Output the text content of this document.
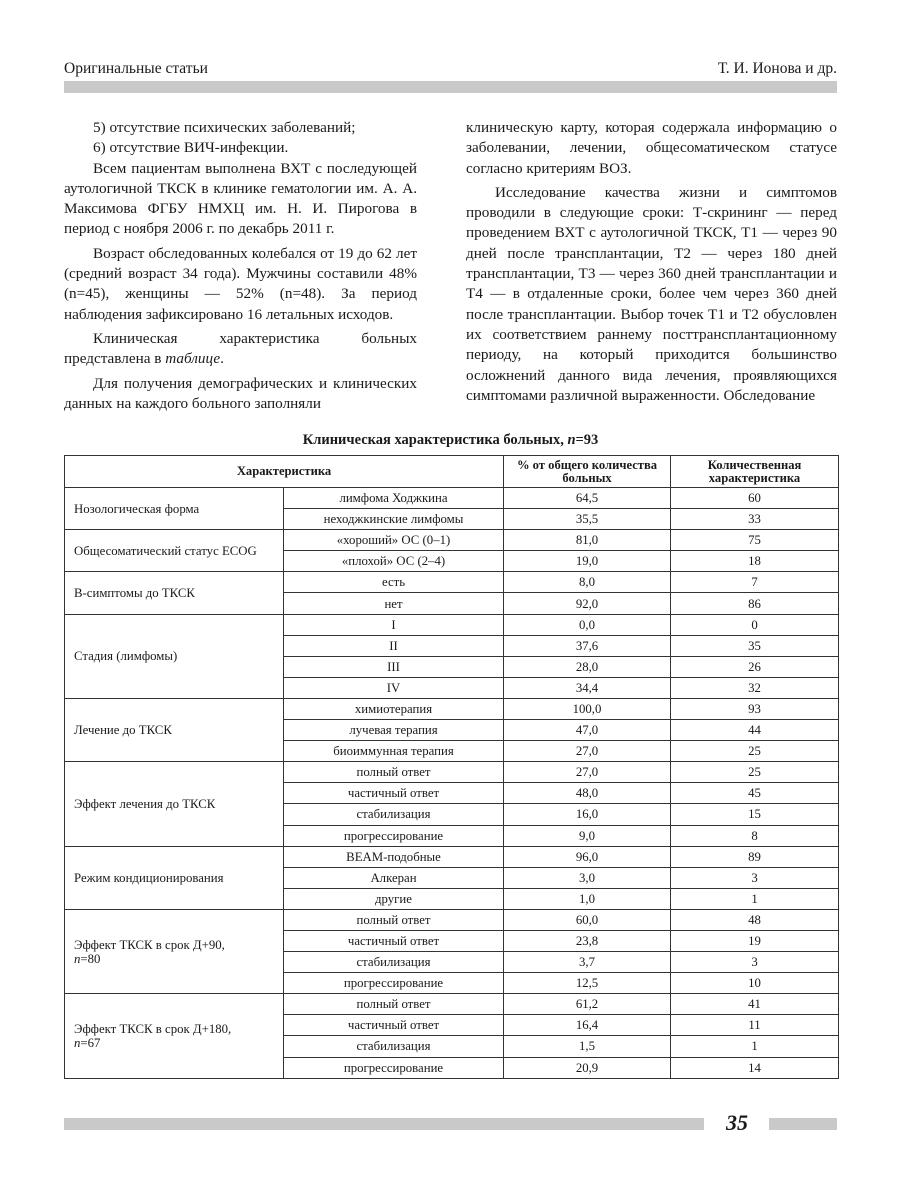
Оригинальные статьи	Т. И. Ионова и др.

5) отсутствие психических заболеваний;

6) отсутствие ВИЧ-инфекции.

Всем пациентам выполнена ВХТ с последующей аутологичной ТКСК в клинике гематологии им. А. А. Максимова ФГБУ НМХЦ им. Н. И. Пирогова в период с ноября 2006 г. по декабрь 2011 г.

Возраст обследованных колебался от 19 до 62 лет (средний возраст 34 года). Мужчины составили 48% (n=45), женщины — 52% (n=48). За период наблюдения зафиксировано 16 летальных исходов.

Клиническая характеристика больных представлена в таблице.

Для получения демографических и клинических данных на каждого больного заполняли

клиническую карту, которая содержала информацию о заболевании, лечении, общесоматическом статусе согласно критериям ВОЗ.

Исследование качества жизни и симптомов проводили в следующие сроки: Т-скрининг — перед проведением ВХТ с аутологичной ТКСК, Т1 — через 90 дней после трансплантации, Т2 — через 180 дней трансплантации, Т3 — через 360 дней трансплантации и Т4 — в отдаленные сроки, более чем через 360 дней после трансплантации. Выбор точек Т1 и Т2 обусловлен их соответствием раннему посттрансплантационному периоду, на который приходится большинство осложнений данного вида лечения, проявляющихся симптомами различной выраженности. Обследование

Клиническая характеристика больных, n=93
Характеристика		% от общего количества больных	Количественная характеристика
Нозологическая форма	лимфома Ходжкина	64,5	60
	неходжкинские лимфомы	35,5	33
Общесоматический статус ECOG	«хороший» ОС (0–1)	81,0	75
	«плохой» ОС (2–4)	19,0	18
В-симптомы до ТКСК	есть	8,0	7
	нет	92,0	86
Стадия (лимфомы)	I	0,0	0
	II	37,6	35
	III	28,0	26
	IV	34,4	32
Лечение до ТКСК	химиотерапия	100,0	93
	лучевая терапия	47,0	44
	биоиммунная терапия	27,0	25
Эффект лечения до ТКСК	полный ответ	27,0	25
	частичный ответ	48,0	45
	стабилизация	16,0	15
	прогрессирование	9,0	8
Режим кондиционирования	BEAM-подобные	96,0	89
	Алкеран	3,0	3
	другие	1,0	1
Эффект ТКСК в срок Д+90,
n=80	полный ответ	60,0	48
	частичный ответ	23,8	19
	стабилизация	3,7	3
	прогрессирование	12,5	10
Эффект ТКСК в срок Д+180,
n=67	полный ответ	61,2	41
	частичный ответ	16,4	11
	стабилизация	1,5	1
	прогрессирование	20,9	14
35
